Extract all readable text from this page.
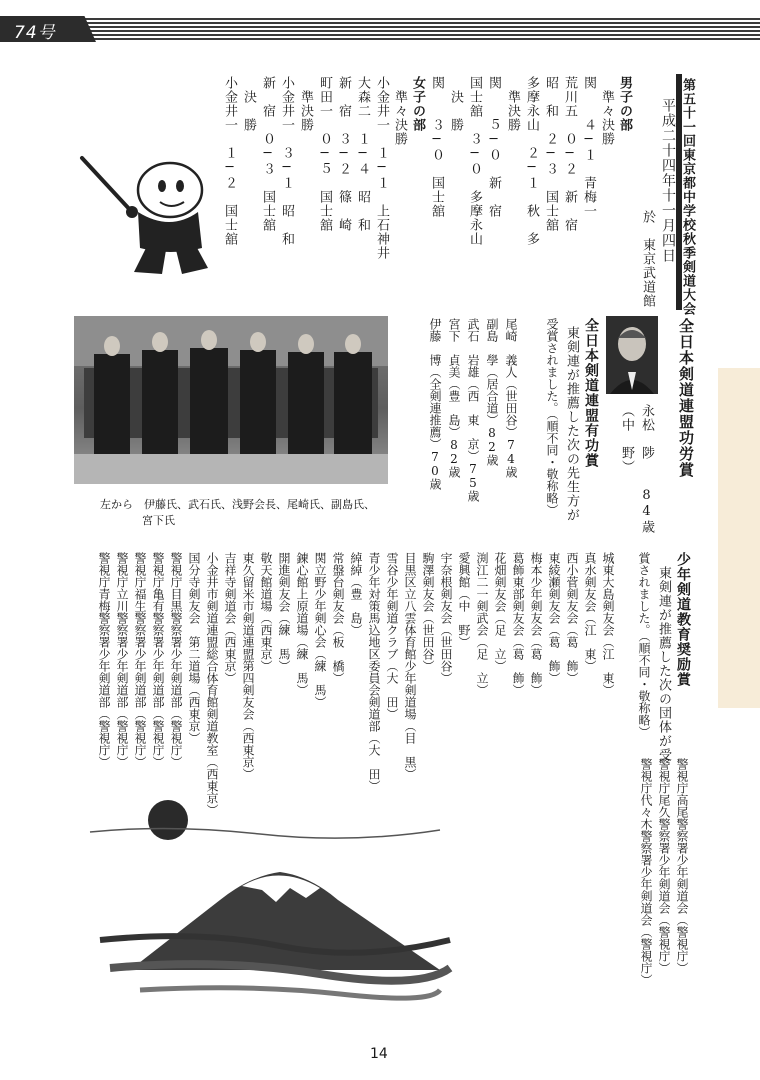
74号
第五十一回東京都中学校秋季剣道大会
平成二十四年十一月四日
於　東京武道館
男子の部
準々決勝
関　　４─１　青梅一
荒川五　０─２　新　宿
昭　和　２─３　国士舘
多摩永山　２─１　秋　多
準決勝
関　　５─０　新　宿
国士舘　３─０　多摩永山
決　勝
関　　３─０　国士舘
女子の部
準々決勝
小金井一　１─１　上石神井
大森二　１─４　昭　和
新　宿　３─２　篠　崎
町田一　０─５　国士舘
準決勝
小金井一　３─１　昭　和
新　宿　０─３　国士舘
決　勝
小金井一　１─２　国士舘
全日本剣道連盟功労賞
永松　陟
（中　野）
84歳
全日本剣道連盟有功賞
東剣連が推薦した次の先生方が
受賞されました。（順不同・敬称略）
尾崎　義人（世田谷）74歳
副島　學（居合道）82歳
武石　岩雄（西　東　京）75歳
宮下　貞美（豊　島）82歳
伊藤　博（全剣連推薦）70歳
左から　伊藤氏、武石氏、浅野会長、尾崎氏、副島氏、
宮下氏
少年剣道教育奨励賞
東剣連が推薦した次の団体が受
賞されました。（順不同・敬称略）
城東大島剣友会（江　東）
真水剣友会（江　東）
西小菅剣友会（葛　飾）
東綾瀬剣友会（葛　飾）
梅本少年剣友会（葛　飾）
葛飾東部剣友会（葛　飾）
花畑剣友会（足　立）
渕江二一剣武会（足　立）
愛興館（中　野）
宇奈根剣友会（世田谷）
駒澤剣友会（世田谷）
目黒区立八雲体育館少年剣道場（目　黒）
雪谷少年剣道クラブ（大　田）
青少年対策馬込地区委員会剣道部（大　田）
綽綽（豊　島）
常盤台剣友会（板　橋）
関立野少年剣心会（練　馬）
錬心館上原道場（練　馬）
開進剣友会（練　馬）
敬天館道場（西東京）
東久留米市剣道連盟第四剣友会（西東京）
吉祥寺剣道会（西東京）
小金井市剣道連盟総合体育館剣道教室（西東京）
国分寺剣友会　第二道場（西東京）
警視庁目黒警察署少年剣道部（警視庁）
警視庁亀有警察署少年剣道部（警視庁）
警視庁福生警察署少年剣道部（警視庁）
警視庁立川警察署少年剣道部（警視庁）
警視庁青梅警察署少年剣道部（警視庁）
警視庁高尾警察署少年剣道会（警視庁）
警視庁尾久警察署少年剣道会（警視庁）
警視庁代々木警察署少年剣道会（警視庁）
14
